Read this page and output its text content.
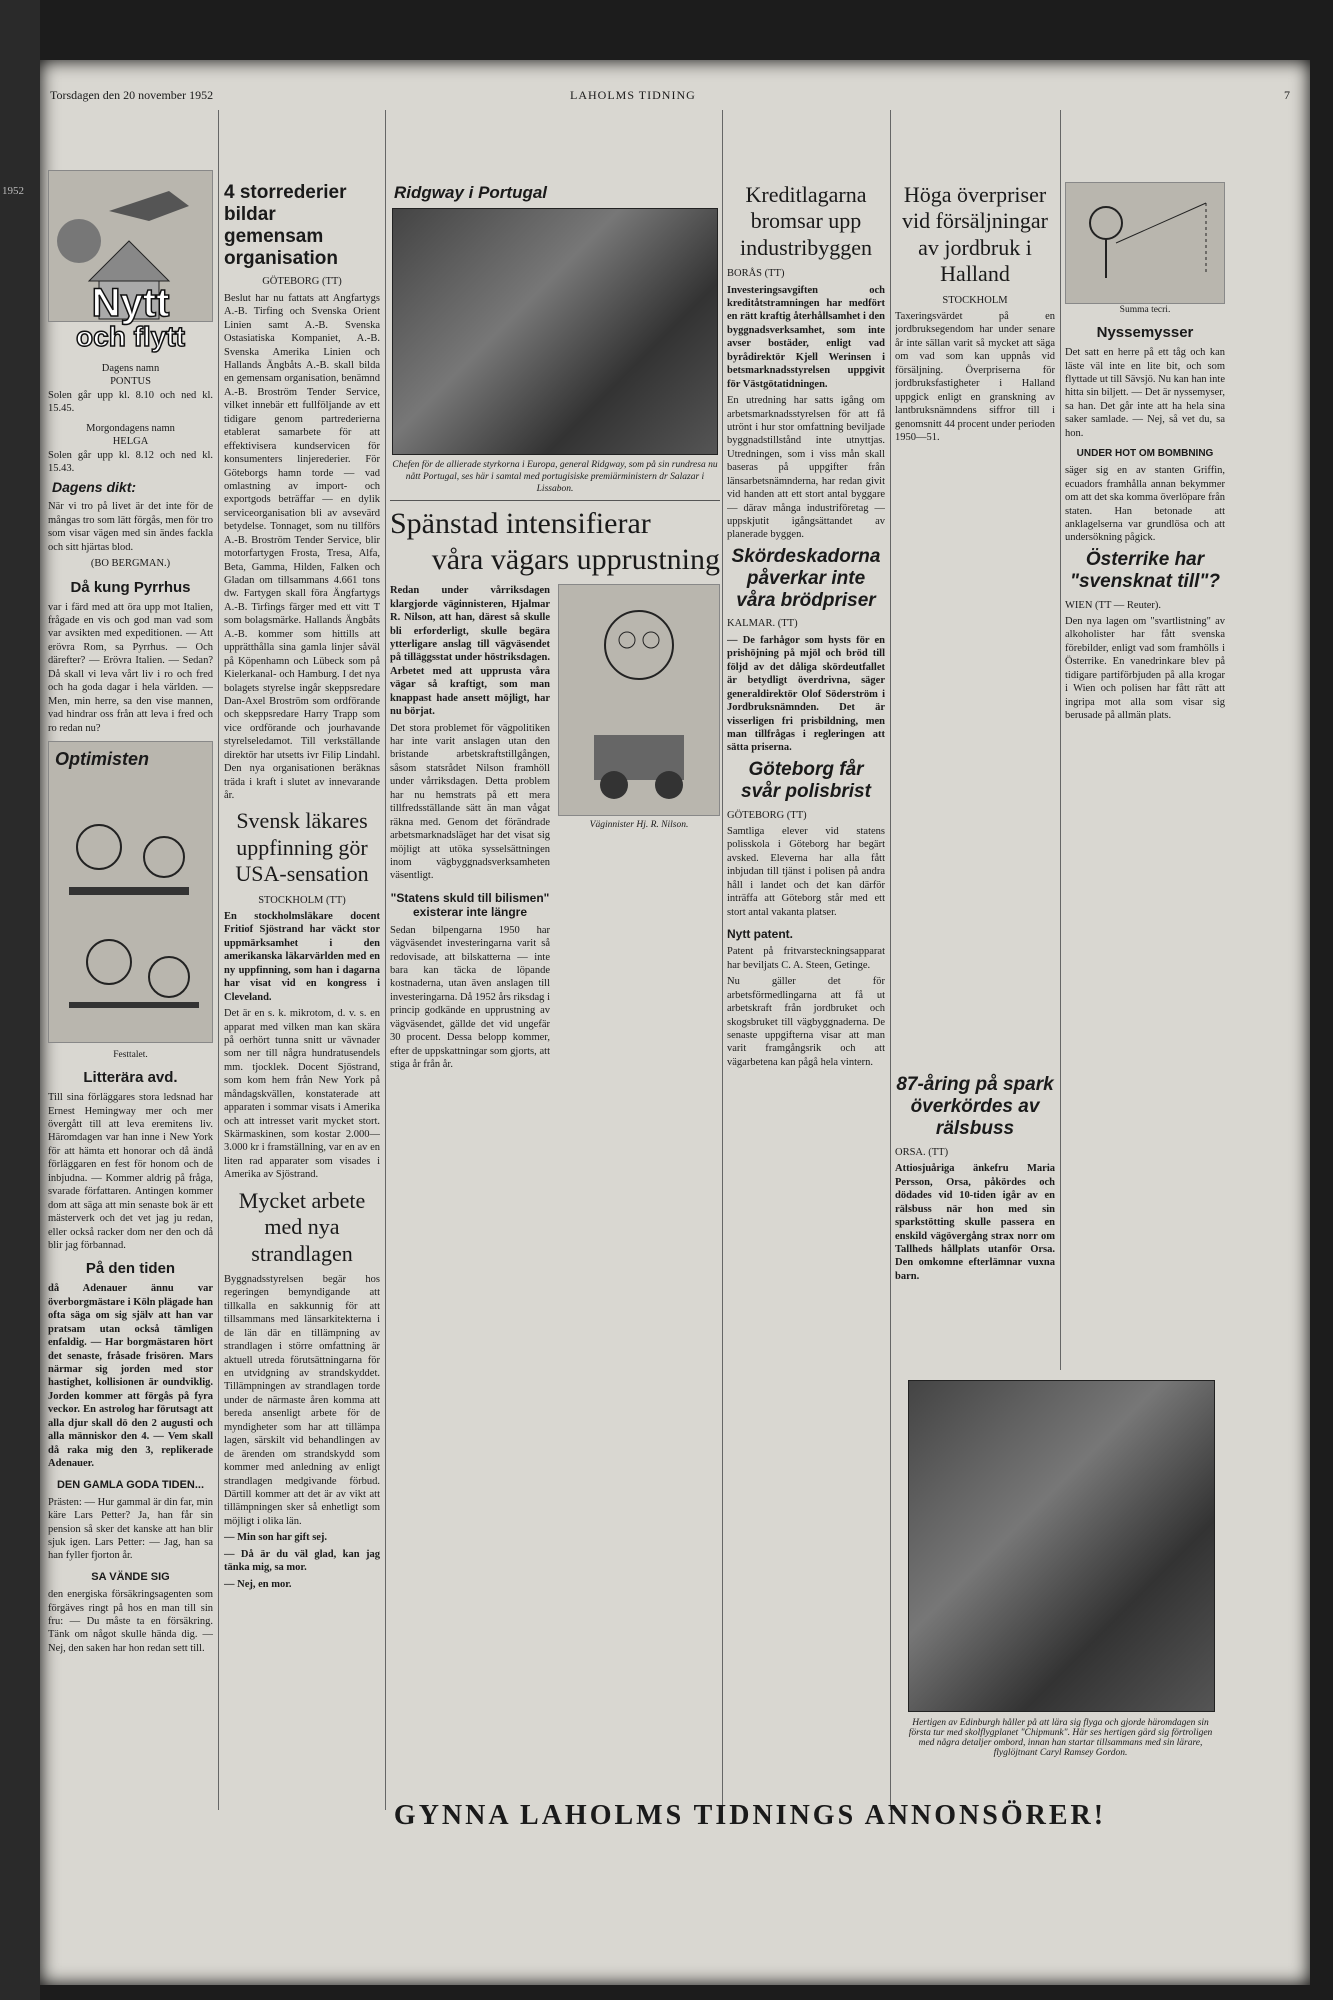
1952
Torsdagen den 20 november 1952	LAHOLMS TIDNING	7
Nytt
och flytt
Dagens namn
PONTUS

Solen går upp kl. 8.10 och ned kl. 15.45.

Morgondagens namn
HELGA

Solen går upp kl. 8.12 och ned kl. 15.43.

Dagens dikt:

När vi tro på livet är det inte för de mångas tro som lätt förgås, men för tro som visar vägen med sin ändes fackla och sitt hjärtas blod.

(BO BERGMAN.)

Då kung Pyrrhus

var i färd med att öra upp mot Italien, frågade en vis och god man vad som var avsikten med expeditionen. — Att erövra Rom, sa Pyrrhus. — Och därefter? — Erövra Italien. — Sedan? Då skall vi leva vårt liv i ro och fred och ha goda dagar i hela världen. — Men, min herre, sa den vise mannen, vad hindrar oss från att leva i fred och ro redan nu?

Optimisten

Festtalet.

Litterära avd.

Till sina förläggares stora ledsnad har Ernest Hemingway mer och mer övergått till att leva eremitens liv. Häromdagen var han inne i New York för att hämta ett honorar och då ändå förläggaren en fest för honom och de inbjudna. — Kommer aldrig på fråga, svarade författaren. Antingen kommer dom att säga att min senaste bok är ett mästerverk och det vet jag ju redan, eller också racker dom ner den och då blir jag förbannad.

På den tiden

då Adenauer ännu var överborgmästare i Köln plägade han ofta säga om sig själv att han var pratsam utan också tämligen enfaldig. — Har borgmästaren hört det senaste, fråsade frisören. Mars närmar sig jorden med stor hastighet, kollisionen är oundviklig. Jorden kommer att förgås på fyra veckor. En astrolog har förutsagt att alla djur skall dö den 2 augusti och alla människor den 4. — Vem skall då raka mig den 3, replikerade Adenauer.

DEN GAMLA GODA TIDEN...

Prästen: — Hur gammal är din far, min käre Lars Petter? Ja, han får sin pension så sker det kanske att han blir sjuk igen. Lars Petter: — Jag, han sa han fyller fjorton år.

SA VÄNDE SIG

den energiska försäkringsagenten som förgäves ringt på hos en man till sin fru: — Du måste ta en försäkring. Tänk om något skulle hända dig. — Nej, den saken har hon redan sett till.

4 storrederier bildar gemensam organisation

GÖTEBORG (TT)

Beslut har nu fattats att Angfartygs A.-B. Tirfing och Svenska Orient Linien samt A.-B. Svenska Ostasiatiska Kompaniet, A.-B. Svenska Amerika Linien och Hallands Ängbåts A.-B. skall bilda en gemensam organisation, benämnd A.-B. Broström Tender Service, vilket innebär ett fullföljande av ett tidigare genom partrederierna etablerat samarbete för att effektivisera kundservicen för konsumenters linjerederier. För Göteborgs hamn torde — vad omlastning av import- och exportgods beträffar — en dylik serviceorganisation bli av avsevärd betydelse. Tonnaget, som nu tillförs A.-B. Broström Tender Service, blir motorfartygen Frosta, Tresa, Alfa, Beta, Gamma, Hilden, Falken och Gladan om tillsammans 4.661 tons dw. Fartygen skall föra Ängfartygs A.-B. Tirfings färger med ett vitt T som bolagsmärke. Hallands Ängbåts A.-B. kommer som hittills att upprätthålla sina gamla linjer såväl på Köpenhamn och Lübeck som på Kielerkanal- och Hamburg. I det nya bolagets styrelse ingår skeppsredare Dan-Axel Broström som ordförande och skeppsredare Harry Trapp som vice ordförande och jourhavande styrelseledamot. Till verkställande direktör har utsetts ivr Filip Lindahl. Den nya organisationen beräknas träda i kraft i slutet av innevarande år.

Svensk läkares uppfinning gör USA-sensation

STOCKHOLM (TT)

En stockholmsläkare docent Fritiof Sjöstrand har väckt stor uppmärksamhet i den amerikanska läkarvärlden med en ny uppfinning, som han i dagarna har visat vid en kongress i Cleveland.

Det är en s. k. mikrotom, d. v. s. en apparat med vilken man kan skära på oerhört tunna snitt ur vävnader som ner till några hundratusendels mm. tjocklek. Docent Sjöstrand, som kom hem från New York på måndagskvällen, konstaterade att apparaten i sommar visats i Amerika och att intresset varit mycket stort. Skärmaskinen, som kostar 2.000—3.000 kr i framställning, var en av en liten rad apparater som visades i Amerika av Sjöstrand.

Mycket arbete med nya strandlagen

Byggnadsstyrelsen begär hos regeringen bemyndigande att tillkalla en sakkunnig för att tillsammans med länsarkitekterna i de län där en tillämpning av strandlagen i större omfattning är aktuell utreda förutsättningarna för en utvidgning av strandskyddet. Tillämpningen av strandlagen torde under de närmaste åren komma att bereda ansenligt arbete för de myndigheter som har att tillämpa lagen, särskilt vid behandlingen av de ärenden om strandskydd som kommer med anledning av enligt strandlagen medgivande förbud. Därtill kommer att det är av vikt att tillämpningen sker så enhetligt som möjligt i olika län.

— Min son har gift sej.

— Då är du väl glad, kan jag tänka mig, sa mor.

— Nej, en mor.

Ridgway i Portugal

Chefen för de allierade styrkorna i Europa, general Ridgway, som på sin rundresa nu nått Portugal, ses här i samtal med portugisiske premiärministern dr Salazar i Lissabon.

Spänstad intensifierar
våra vägars upprustning

Redan under vårriksdagen klargjorde väginnisteren, Hjalmar R. Nilson, att han, därest så skulle bli erforderligt, skulle begära ytterligare anslag till vägväsendet på tilläggsstat under höstriksdagen. Arbetet med att upprusta våra vägar så kraftigt, som man knappast hade ansett möjligt, har nu börjat.

Det stora problemet för vägpolitiken har inte varit anslagen utan den bristande arbetskraftstillgången, såsom statsrådet Nilson framhöll under vårriksdagen. Detta problem har nu hemstrats på ett mera tillfredsställande sätt än man vågat räkna med. Genom det förändrade arbetsmarknadsläget har det visat sig möjligt att utöka sysselsättningen inom vägbyggnadsverksamheten väsentligt.

"Statens skuld till bilismen" existerar inte längre

Sedan bilpengarna 1950 har vägväsendet investeringarna varit så redovisade, att bilskatterna — inte bara kan täcka de löpande kostnaderna, utan även anslagen till investeringarna. Då 1952 års riksdag i princip godkände en upprustning av vägväsendet, gällde det vid ungefär 30 procent. Dessa belopp kommer, efter de uppskattningar som gjorts, att stiga år från år.

Väginnister Hj. R. Nilson.

Kreditlagarna bromsar upp industribyggen

BORÅS (TT)

Investeringsavgiften och kreditåtstramningen har medfört en rätt kraftig återhållsamhet i den byggnadsverksamhet, som inte avser bostäder, enligt vad byrådirektör Kjell Werinsen i betsmarknadsstyrelsen uppgivit för Västgötatidningen.

En utredning har satts igång om arbetsmarknadsstyrelsen för att få utrönt i hur stor omfattning beviljade byggnadstillstånd inte utnyttjas. Utredningen, som i viss mån skall baseras på uppgifter från länsarbetsnämnderna, har redan givit vid handen att ett stort antal byggare — därav många industriföretag — uppskjutit igångsättandet av planerade byggen.

Skördeskadorna påverkar inte våra brödpriser

KALMAR. (TT)

— De farhågor som hysts för en prishöjning på mjöl och bröd till följd av det dåliga skördeutfallet är betydligt överdrivna, säger generaldirektör Olof Söderström i Jordbruksnämnden. Det är visserligen fri prisbildning, men man tillfrågas i regleringen att sätta priserna.

Göteborg får svår polisbrist

GÖTEBORG (TT)

Samtliga elever vid statens polisskola i Göteborg har begärt avsked. Eleverna har alla fått inbjudan till tjänst i polisen på andra håll i landet och det kan därför inträffa att Göteborg står med ett stort antal vakanta platser.

Nytt patent.

Patent på fritvarsteckningsapparat har beviljats C. A. Steen, Getinge.

Nu gäller det för arbetsförmedlingarna att få ut arbetskraft från jordbruket och skogsbruket till vägbyggnaderna. De senaste uppgifterna visar att man varit framgångsrik och att vägarbetena kan pågå hela vintern.

Höga överpriser vid försäljningar av jordbruk i Halland

STOCKHOLM

Taxeringsvärdet på en jordbruksegendom har under senare år inte sällan varit så mycket att säga om vad som kan uppnås vid försäljning. Överpriserna för jordbruksfastigheter i Halland uppgick enligt en granskning av lantbruksnämndens siffror till i genomsnitt 44 procent under perioden 1950—51.

87-åring på spark överkördes av rälsbuss

ORSA. (TT)

Attiosjuåriga änkefru Maria Persson, Orsa, påkördes och dödades vid 10-tiden igår av en rälsbuss när hon med sin sparkstötting skulle passera en enskild vägövergång strax norr om Tallheds hållplats utanför Orsa. Den omkomne efterlämnar vuxna barn.

Hertigen av Edinburgh håller på att lära sig flyga och gjorde häromdagen sin första tur med skolflygplanet "Chipmunk". Här ses hertigen gärd sig förtroligen med några detaljer ombord, innan han startar tillsammans med sin lärare, flyglöjtnant Caryl Ramsey Gordon.

Summa tecri.

Nyssemysser

Det satt en herre på ett tåg och kan läste väl inte en lite bit, och som flyttade ut till Sävsjö. Nu kan han inte hitta sin biljett. — Det är nyssemyser, sa han. Det går inte att ha hela sina saker samlade. — Nej, så vet du, sa hon.

UNDER HOT OM BOMBNING

säger sig en av stanten Griffin, ecuadors framhålla annan bekymmer om att det ska komma överlöpare från staten. Han betonade att anklagelserna var grundlösa och att undersökning pågick.

Österrike har "svensknat till"?

WIEN (TT — Reuter).

Den nya lagen om "svartlistning" av alkoholister har fått svenska förebilder, enligt vad som framhölls i Österrike. En vanedrinkare blev på tidigare partiförbjuden på alla krogar i Wien och polisen har fått rätt att ingripa mot alla som visar sig berusade på allmän plats.

GYNNA LAHOLMS TIDNINGS ANNONSÖRER!
